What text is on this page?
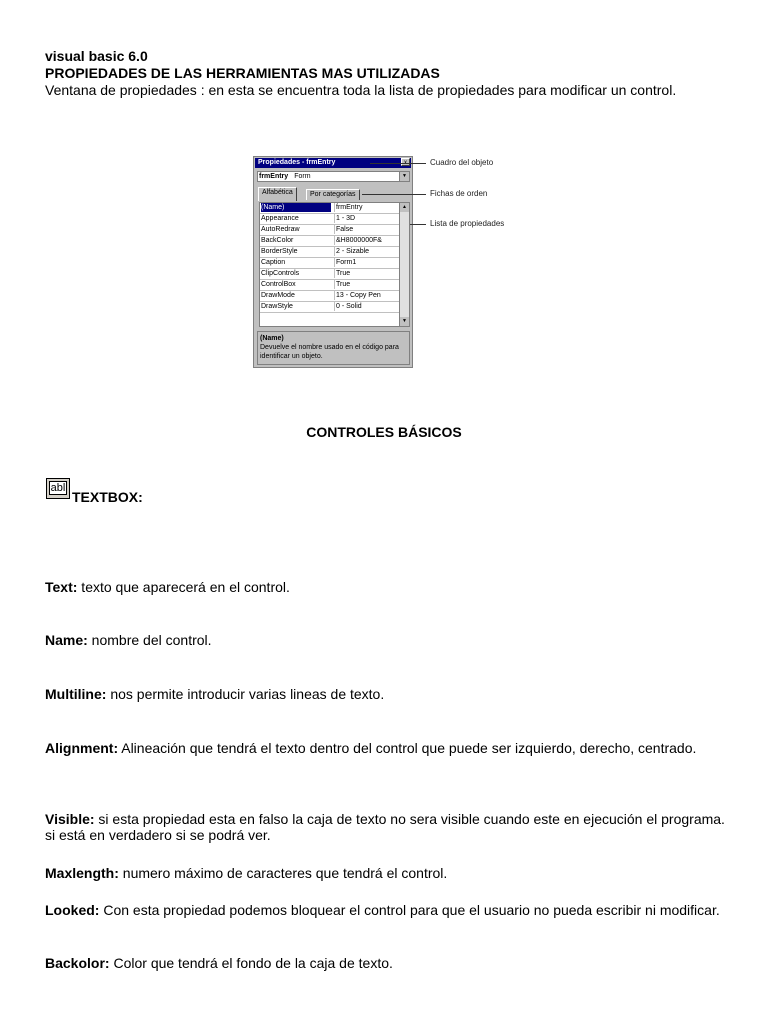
visual basic 6.0
PROPIEDADES DE LAS HERRAMIENTAS MAS UTILIZADAS
Ventana de propiedades : en esta se encuentra toda la lista de propiedades para modificar un control.
Propiedades - frmEntry
frmEntry Form	▼
Alfabética	Por categorías
(Name)	frmEntry
Appearance	1 - 3D
AutoRedraw	False
BackColor	&H8000000F&
BorderStyle	2 - Sizable
Caption	Form1
ClipControls	True
ControlBox	True
DrawMode	13 - Copy Pen
DrawStyle	0 - Solid
▲
▼
(Name)
Devuelve el nombre usado en el código para identificar un objeto.
Cuadro del objeto
Fichas de orden
Lista de propiedades
CONTROLES BÁSICOS
abl
TEXTBOX:
Text: texto que aparecerá en el control.
Name: nombre del control.
Multiline: nos permite introducir varias lineas de texto.
Alignment: Alineación que tendrá el texto dentro del control que puede ser izquierdo, derecho, centrado.
Visible: si esta propiedad esta en falso la caja de texto no sera visible cuando este en ejecución el programa. si está en verdadero si se podrá ver.
Maxlength: numero máximo de caracteres que tendrá el control.
Looked: Con esta propiedad podemos bloquear el control para que el usuario no pueda escribir ni modificar.
Backolor: Color que tendrá el fondo de la caja de texto.
